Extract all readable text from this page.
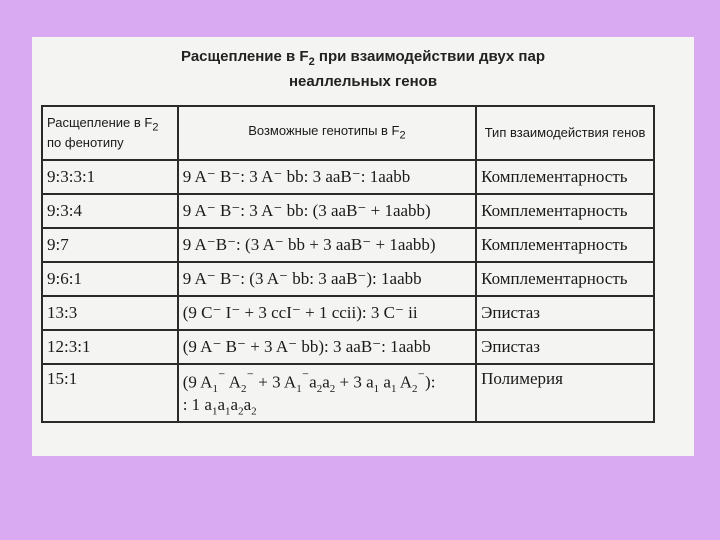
Расщепление в $F_2$ при взаимодействии двух пар
неаллельных генов
Расщепление в $F_2$
по фенотипу	Возможные генотипы в $F_2$	Тип взаимодействия генов
9:3:3:1	9 A⁻ B⁻: 3 A⁻ bb: 3 aaB⁻: 1aabb	Комплементарность
9:3:4	9 A⁻ B⁻: 3 A⁻ bb: (3 aaB⁻ + 1aabb)	Комплементарность
9:7	9 A⁻B⁻: (3 A⁻ bb + 3 aaB⁻ + 1aabb)	Комплементарность
9:6:1	9 A⁻ B⁻: (3 A⁻ bb: 3 aaB⁻): 1aabb	Комплементарность
13:3	(9 C⁻ I⁻ + 3 ccI⁻ + 1 ccii): 3 C⁻ ii	Эпистаз
12:3:1	(9 A⁻ B⁻ + 3 A⁻ bb): 3 aaB⁻: 1aabb	Эпистаз
15:1	(9 $A_1^{^-}$ $A_2^{^-} + 3$ $A_1^{^-}a_2a_2 + 3$ $a_1$ $a_1$ $A_2^{^-}$):
: 1 $a_1a_1a_2a_2$	Полимерия
